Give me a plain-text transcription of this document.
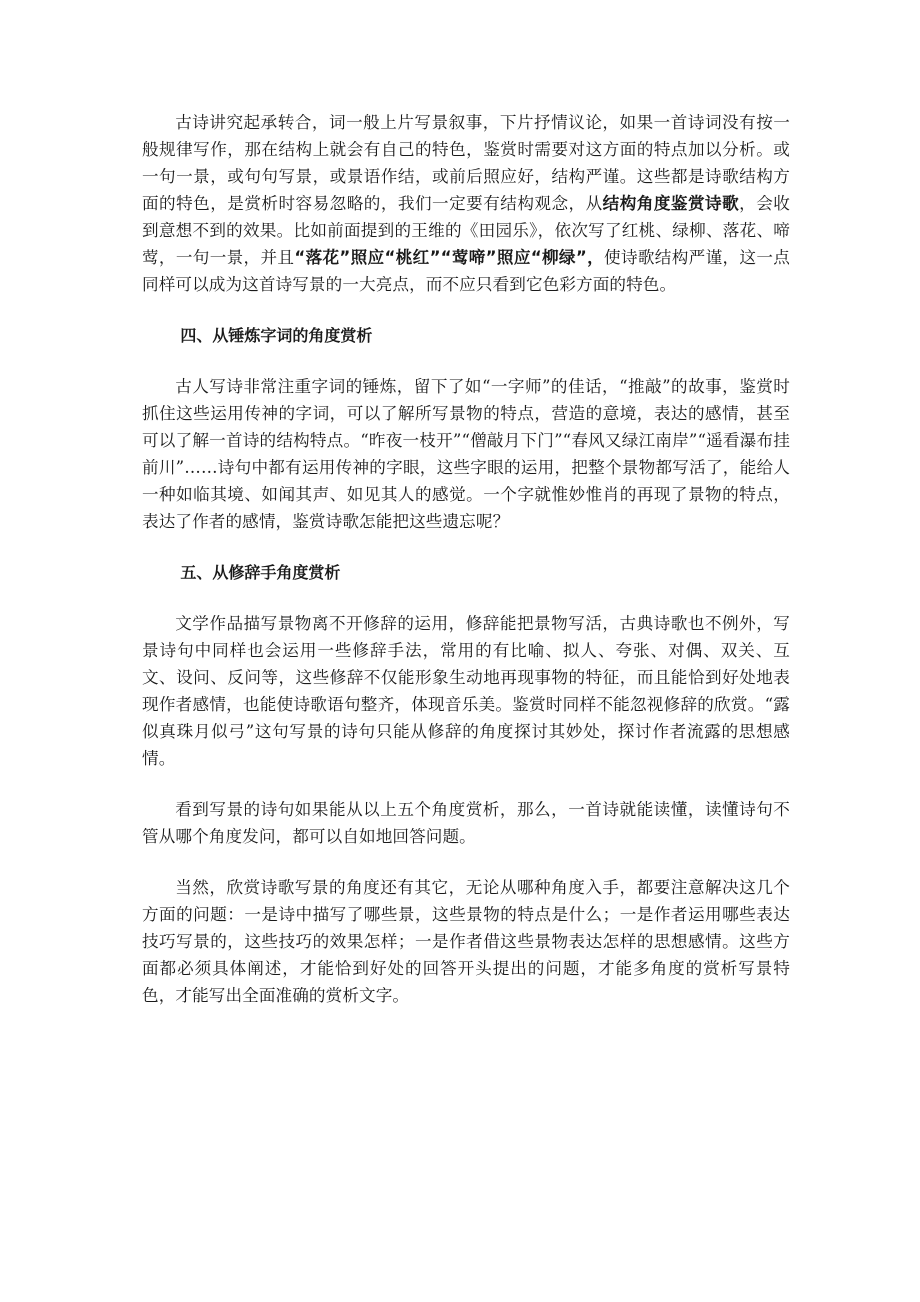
古诗讲究起承转合，词一般上片写景叙事，下片抒情议论，如果一首诗词没有按一般规律写作，那在结构上就会有自己的特色，鉴赏时需要对这方面的特点加以分析。或一句一景，或句句写景，或景语作结，或前后照应好，结构严谨。这些都是诗歌结构方面的特色，是赏析时容易忽略的，我们一定要有结构观念，从结构角度鉴赏诗歌，会收到意想不到的效果。比如前面提到的王维的《田园乐》，依次写了红桃、绿柳、落花、啼莺，一句一景，并且“落花”照应“桃红”“莺啼”照应“柳绿”，使诗歌结构严谨，这一点同样可以成为这首诗写景的一大亮点，而不应只看到它色彩方面的特色。

四、从锤炼字词的角度赏析

古人写诗非常注重字词的锤炼，留下了如“一字师”的佳话，“推敲”的故事，鉴赏时抓住这些运用传神的字词，可以了解所写景物的特点，营造的意境，表达的感情，甚至可以了解一首诗的结构特点。“昨夜一枝开”“僧敲月下门”“春风又绿江南岸”“遥看瀑布挂前川”……诗句中都有运用传神的字眼，这些字眼的运用，把整个景物都写活了，能给人一种如临其境、如闻其声、如见其人的感觉。一个字就惟妙惟肖的再现了景物的特点，表达了作者的感情，鉴赏诗歌怎能把这些遗忘呢？

五、从修辞手角度赏析

文学作品描写景物离不开修辞的运用，修辞能把景物写活，古典诗歌也不例外，写景诗句中同样也会运用一些修辞手法，常用的有比喻、拟人、夸张、对偶、双关、互文、设问、反问等，这些修辞不仅能形象生动地再现事物的特征，而且能恰到好处地表现作者感情，也能使诗歌语句整齐，体现音乐美。鉴赏时同样不能忽视修辞的欣赏。“露似真珠月似弓”这句写景的诗句只能从修辞的角度探讨其妙处，探讨作者流露的思想感情。

看到写景的诗句如果能从以上五个角度赏析，那么，一首诗就能读懂，读懂诗句不管从哪个角度发问，都可以自如地回答问题。

当然，欣赏诗歌写景的角度还有其它，无论从哪种角度入手，都要注意解决这几个方面的问题：一是诗中描写了哪些景，这些景物的特点是什么；一是作者运用哪些表达技巧写景的，这些技巧的效果怎样；一是作者借这些景物表达怎样的思想感情。这些方面都必须具体阐述，才能恰到好处的回答开头提出的问题，才能多角度的赏析写景特色，才能写出全面准确的赏析文字。
